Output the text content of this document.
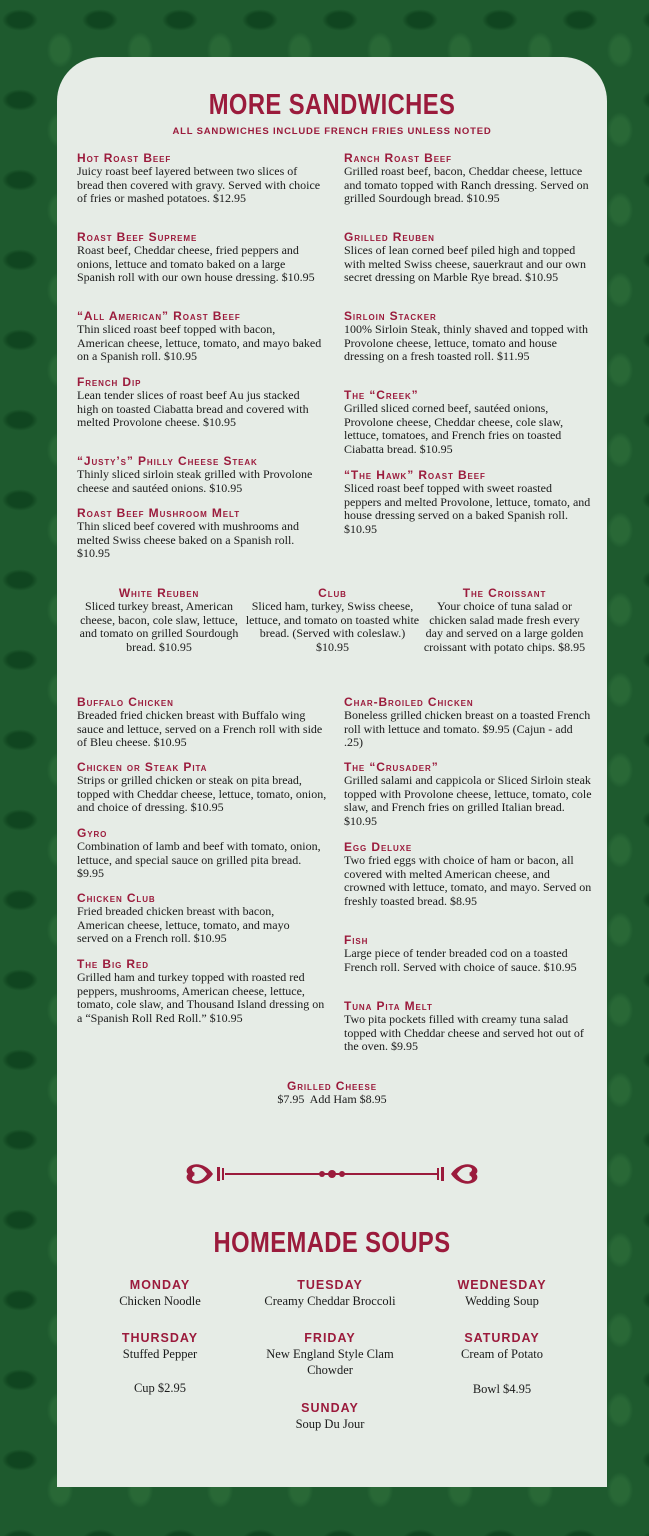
MORE SANDWICHES
ALL SANDWICHES INCLUDE FRENCH FRIES UNLESS NOTED
Hot Roast Beef
Juicy roast beef layered between two slices of bread then covered with gravy. Served with choice of fries or mashed potatoes. $12.95
Roast Beef Supreme
Roast beef, Cheddar cheese, fried peppers and onions, lettuce and tomato baked on a large Spanish roll with our own house dressing. $10.95
“All American” Roast Beef
Thin sliced roast beef topped with bacon, American cheese, lettuce, tomato, and mayo baked on a Spanish roll. $10.95
French Dip
Lean tender slices of roast beef Au jus stacked high on toasted Ciabatta bread and covered with melted Provolone cheese. $10.95
“Justy’s” Philly Cheese Steak
Thinly sliced sirloin steak grilled with Provolone cheese and sautéed onions. $10.95
Roast Beef Mushroom Melt
Thin sliced beef covered with mushrooms and melted Swiss cheese baked on a Spanish roll. $10.95
Ranch Roast Beef
Grilled roast beef, bacon, Cheddar cheese, lettuce and tomato topped with Ranch dressing. Served on grilled Sourdough bread. $10.95
Grilled Reuben
Slices of lean corned beef piled high and topped with melted Swiss cheese, sauerkraut and our own secret dressing on Marble Rye bread. $10.95
Sirloin Stacker
100% Sirloin Steak, thinly shaved and topped with Provolone cheese, lettuce, tomato and house dressing on a fresh toasted roll. $11.95
The “Creek”
Grilled sliced corned beef, sautéed onions, Provolone cheese, Cheddar cheese, cole slaw, lettuce, tomatoes, and French fries on toasted Ciabatta bread. $10.95
“The Hawk” Roast Beef
Sliced roast beef topped with sweet roasted peppers and melted Provolone, lettuce, tomato, and house dressing served on a baked Spanish roll. $10.95
White Reuben
Sliced turkey breast, American cheese, bacon, cole slaw, lettuce, and tomato on grilled Sourdough bread. $10.95
Club
Sliced ham, turkey, Swiss cheese, lettuce, and tomato on toasted white bread. (Served with coleslaw.) $10.95
The Croissant
Your choice of tuna salad or chicken salad made fresh every day and served on a large golden croissant with potato chips. $8.95
Buffalo Chicken
Breaded fried chicken breast with Buffalo wing sauce and lettuce, served on a French roll with side of Bleu cheese. $10.95
Chicken or Steak Pita
Strips or grilled chicken or steak on pita bread, topped with Cheddar cheese, lettuce, tomato, onion, and choice of dressing. $10.95
Gyro
Combination of lamb and beef with tomato, onion, lettuce, and special sauce on grilled pita bread. $9.95
Chicken Club
Fried breaded chicken breast with bacon, American cheese, lettuce, tomato, and mayo served on a French roll. $10.95
The Big Red
Grilled ham and turkey topped with roasted red peppers, mushrooms, American cheese, lettuce, tomato, cole slaw, and Thousand Island dressing on a “Spanish Roll Red Roll.” $10.95
Char-Broiled Chicken
Boneless grilled chicken breast on a toasted French roll with lettuce and tomato. $9.95 (Cajun - add .25)
The “Crusader”
Grilled salami and cappicola or Sliced Sirloin steak topped with Provolone cheese, lettuce, tomato, cole slaw, and French fries on grilled Italian bread. $10.95
Egg Deluxe
Two fried eggs with choice of ham or bacon, all covered with melted American cheese, and crowned with lettuce, tomato, and mayo. Served on freshly toasted bread. $8.95
Fish
Large piece of tender breaded cod on a toasted French roll. Served with choice of sauce. $10.95
Tuna Pita Melt
Two pita pockets filled with creamy tuna salad topped with Cheddar cheese and served hot out of the oven. $9.95
Grilled Cheese
$7.95  Add Ham $8.95
HOMEMADE SOUPS
MONDAY
Chicken Noodle
TUESDAY
Creamy Cheddar Broccoli
WEDNESDAY
Wedding Soup
THURSDAY
Stuffed Pepper
FRIDAY
New England Style Clam Chowder
SATURDAY
Cream of Potato
Cup $2.95	Bowl $4.95
SUNDAY
Soup Du Jour
